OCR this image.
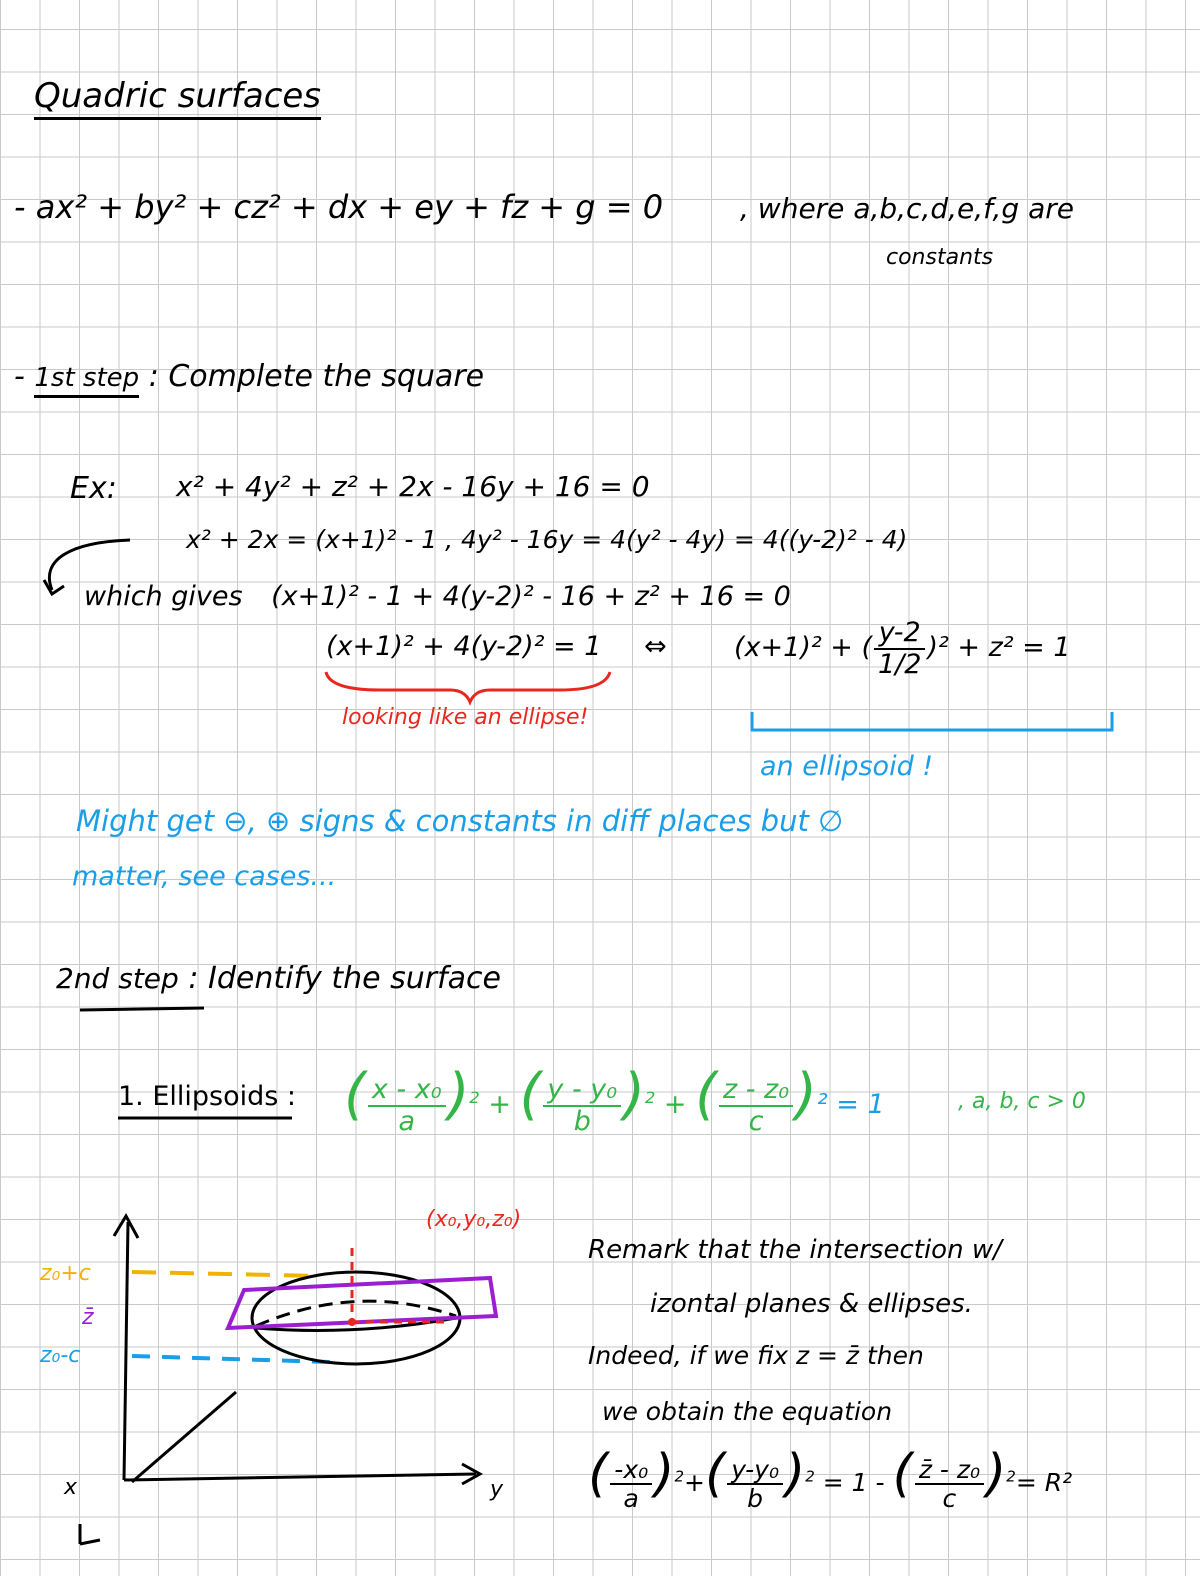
Quadric surfaces
- ax² + by² + cz² + dx + ey + fz + g = 0	, where a,b,c,d,e,f,g are
constants
- 1st step : Complete the square
Ex: x² + 4y² + z² + 2x - 16y + 16 = 0
x² + 2x = (x+1)² - 1 , 4y² - 16y = 4(y² - 4y) = 4((y-2)² - 4)
which gives (x+1)² - 1 + 4(y-2)² - 16 + z² + 16 = 0
(x+1)² + 4(y-2)² = 1 ⇔ (x+1)² + ( $\frac{y-2}{1/2} )^2 + z^2 = 1$
looking like an ellipse!
an ellipsoid !
Might get ⊖, ⊕ signs & constants in diff places but ∅
matter, see cases...
2nd step : Identify the surface
1. Ellipsoids : ( $\frac{\text{x - x₀}}{a} )^2$ + ( $\frac{\text{y - y₀}}{b} )^2$ + ( $\frac{\text{z - z₀}}{c} )^2 = 1$	, a, b, c > 0
(x₀,y₀,z₀)
z₀+c
z̄
z₀-c
x	y
Remark that the intersection w/
izontal planes & ellipses.
Indeed, if we fix z = z̄ then
we obtain the equation
( $\frac{\text{-x₀}}{a} )^2+( \frac{\text{y-y₀}}{b} )^2 = 1$ - ( $\frac{\text{z̄ - z₀}}{c} )^2= R^2$
